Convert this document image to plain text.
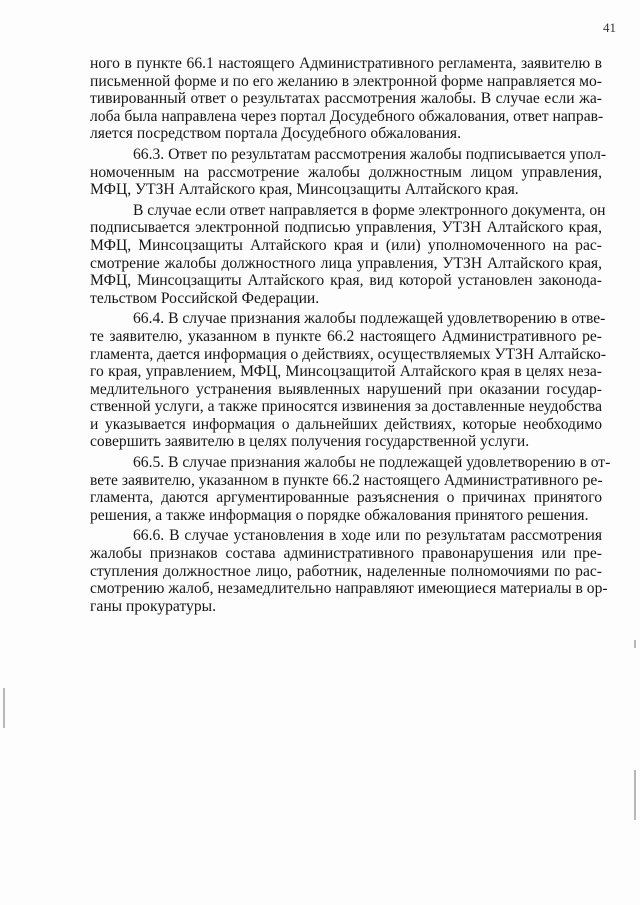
41
ного в пункте 66.1 настоящего Административного регламента, заявителю в
письменной форме и по его желанию в электронной форме направляется мо-
тивированный ответ о результатах рассмотрения жалобы. В случае если жа-
лоба была направлена через портал Досудебного обжалования, ответ направ-
ляется посредством портала Досудебного обжалования.
66.3. Ответ по результатам рассмотрения жалобы подписывается упол-
номоченным на рассмотрение жалобы должностным лицом управления,
МФЦ, УТЗН Алтайского края, Минсоцзащиты Алтайского края.
В случае если ответ направляется в форме электронного документа, он
подписывается электронной подписью управления, УТЗН Алтайского края,
МФЦ, Минсоцзащиты Алтайского края и (или) уполномоченного на рас-
смотрение жалобы должностного лица управления, УТЗН Алтайского края,
МФЦ, Минсоцзащиты Алтайского края, вид которой установлен законода-
тельством Российской Федерации.
66.4. В случае признания жалобы подлежащей удовлетворению в отве-
те заявителю, указанном в пункте 66.2 настоящего Административного ре-
гламента, дается информация о действиях, осуществляемых УТЗН Алтайско-
го края, управлением, МФЦ, Минсоцзащитой Алтайского края в целях неза-
медлительного устранения выявленных нарушений при оказании государ-
ственной услуги, а также приносятся извинения за доставленные неудобства
и указывается информация о дальнейших действиях, которые необходимо
совершить заявителю в целях получения государственной услуги.
66.5. В случае признания жалобы не подлежащей удовлетворению в от-
вете заявителю, указанном в пункте 66.2 настоящего Административного ре-
гламента, даются аргументированные разъяснения о причинах принятого
решения, а также информация о порядке обжалования принятого решения.
66.6. В случае установления в ходе или по результатам рассмотрения
жалобы признаков состава административного правонарушения или пре-
ступления должностное лицо, работник, наделенные полномочиями по рас-
смотрению жалоб, незамедлительно направляют имеющиеся материалы в ор-
ганы прокуратуры.
